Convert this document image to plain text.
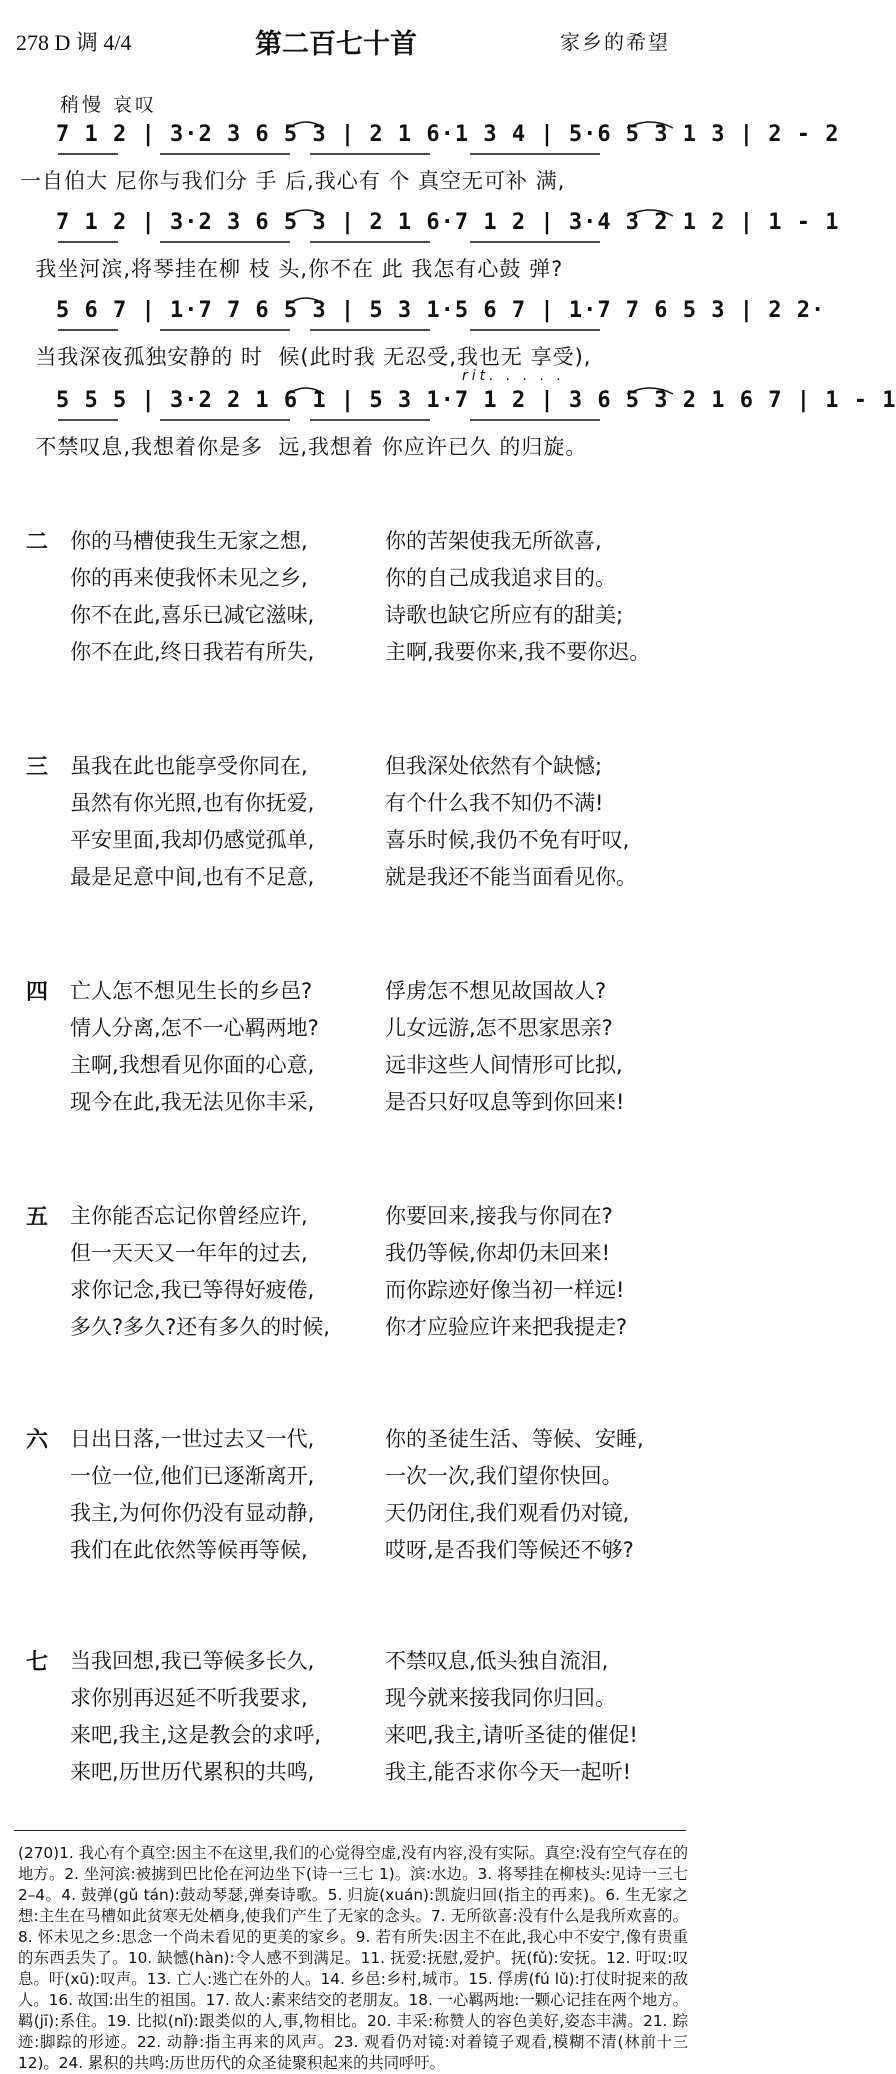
278 D 调 4/4	第二百七十首	家乡的希望
稍慢 哀叹
7 1 2 | 3·2 3 6 5 3 | 2 1 6·1 3 4 | 5·6 5 3 1 3 | 2 - 2
一自伯大 尼你与我们分 手 后,我心有 个 真空无可补 满,
7 1 2 | 3·2 3 6 5 3 | 2 1 6·7 1 2 | 3·4 3 2 1 2 | 1 - 1
我坐河滨,将琴挂在柳 枝 头,你不在 此 我怎有心鼓 弹?
5 6 7 | 1·7 7 6 5 3 | 5 3 1·5 6 7 | 1·7 7 6 5 3 | 2 2·
当我深夜孤独安静的 时  候(此时我 无忍受,我也无 享受),
rit. . . . .
5 5 5 | 3·2 2 1 6 1 | 5 3 1·7 1 2 | 3 6 5 3 2 1 6 7 | 1 - 1
不禁叹息,我想着你是多  远,我想着 你应许已久 的归旋。
二 你的马槽使我生无家之想,	你的苦架使我无所欲喜,
你的再来使我怀未见之乡,	你的自己成我追求目的。
你不在此,喜乐已减它滋味,	诗歌也缺它所应有的甜美;
你不在此,终日我若有所失,	主啊,我要你来,我不要你迟。
三 虽我在此也能享受你同在,	但我深处依然有个缺憾;
虽然有你光照,也有你抚爱,	有个什么我不知仍不满!
平安里面,我却仍感觉孤单,	喜乐时候,我仍不免有吁叹,
最是足意中间,也有不足意,	就是我还不能当面看见你。
四 亡人怎不想见生长的乡邑?	俘虏怎不想见故国故人?
情人分离,怎不一心羁两地?	儿女远游,怎不思家思亲?
主啊,我想看见你面的心意,	远非这些人间情形可比拟,
现今在此,我无法见你丰采,	是否只好叹息等到你回来!
五 主你能否忘记你曾经应许,	你要回来,接我与你同在?
但一天天又一年年的过去,	我仍等候,你却仍未回来!
求你记念,我已等得好疲倦,	而你踪迹好像当初一样远!
多久?多久?还有多久的时候,	你才应验应许来把我提走?
六 日出日落,一世过去又一代,	你的圣徒生活、等候、安睡,
一位一位,他们已逐渐离开,	一次一次,我们望你快回。
我主,为何你仍没有显动静,	天仍闭住,我们观看仍对镜,
我们在此依然等候再等候,	哎呀,是否我们等候还不够?
七 当我回想,我已等候多长久,	不禁叹息,低头独自流泪,
求你别再迟延不听我要求,	现今就来接我同你归回。
来吧,我主,这是教会的求呼,	来吧,我主,请听圣徒的催促!
来吧,历世历代累积的共鸣,	我主,能否求你今天一起听!
(270)1. 我心有个真空:因主不在这里,我们的心觉得空虚,没有内容,没有实际。真空:没有空气存在的地方。2. 坐河滨:被掳到巴比伦在河边坐下(诗一三七 1)。滨:水边。3. 将琴挂在柳枝头:见诗一三七 2–4。4. 鼓弹(gǔ tán):鼓动琴瑟,弹奏诗歌。5. 归旋(xuán):凯旋归回(指主的再来)。6. 生无家之想:主生在马槽如此贫寒无处栖身,使我们产生了无家的念头。7. 无所欲喜:没有什么是我所欢喜的。8. 怀未见之乡:思念一个尚未看见的更美的家乡。9. 若有所失:因主不在此,我心中不安宁,像有贵重的东西丢失了。10. 缺憾(hàn):令人感不到满足。11. 抚爱:抚慰,爱护。抚(fǔ):安抚。12. 吁叹:叹息。吁(xū):叹声。13. 亡人:逃亡在外的人。14. 乡邑:乡村,城市。15. 俘虏(fú lǔ):打仗时捉来的敌人。16. 故国:出生的祖国。17. 故人:素来结交的老朋友。18. 一心羁两地:一颗心记挂在两个地方。羁(jī):系住。19. 比拟(nǐ):跟类似的人,事,物相比。20. 丰采:称赞人的容色美好,姿态丰满。21. 踪迹:脚踪的形迹。22. 动静:指主再来的风声。23. 观看仍对镜:对着镜子观看,模糊不清(林前十三 12)。24. 累积的共鸣:历世历代的众圣徒聚积起来的共同呼吁。
